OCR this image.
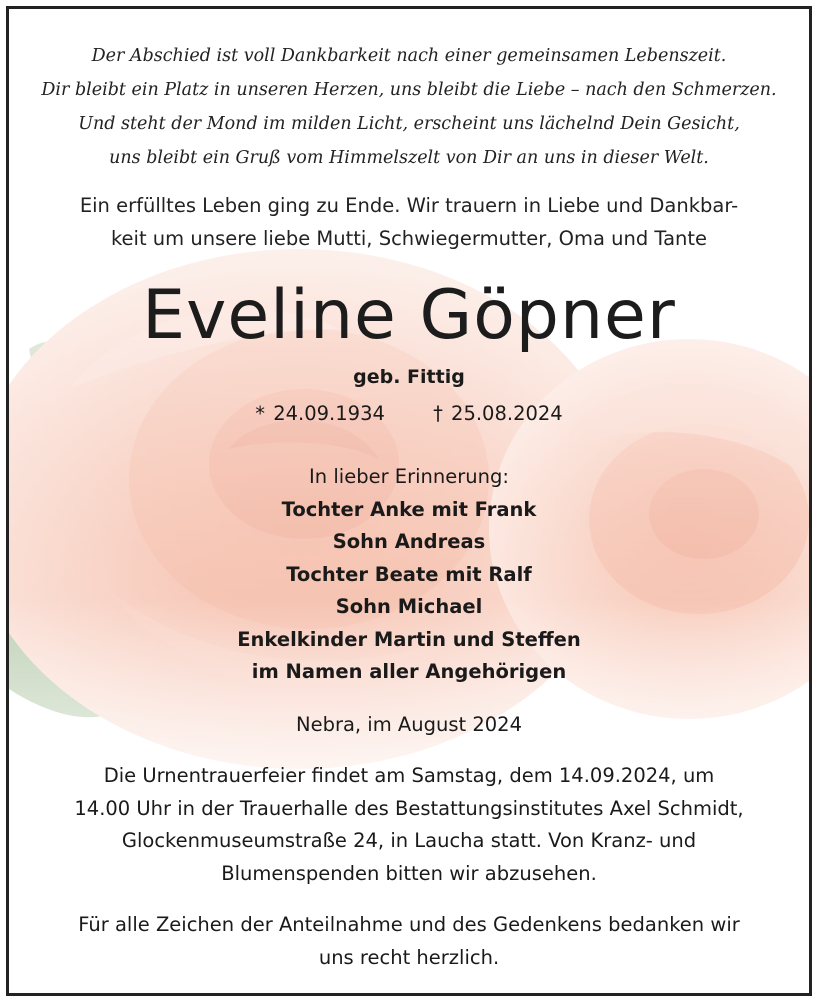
Der Abschied ist voll Dankbarkeit nach einer gemeinsamen Lebenszeit.
Dir bleibt ein Platz in unseren Herzen, uns bleibt die Liebe – nach den Schmerzen.
Und steht der Mond im milden Licht, erscheint uns lächelnd Dein Gesicht,
uns bleibt ein Gruß vom Himmelszelt von Dir an uns in dieser Welt.
Ein erfülltes Leben ging zu Ende. Wir trauern in Liebe und Dankbar-
keit um unsere liebe Mutti, Schwiegermutter, Oma und Tante
Eveline Göpner
geb. Fittig
* 24.09.1934 † 25.08.2024
In lieber Erinnerung:
Tochter Anke mit Frank
Sohn Andreas
Tochter Beate mit Ralf
Sohn Michael
Enkelkinder Martin und Steffen
im Namen aller Angehörigen
Nebra, im August 2024
Die Urnentrauerfeier findet am Samstag, dem 14.09.2024, um
14.00 Uhr in der Trauerhalle des Bestattungsinstitutes Axel Schmidt,
Glockenmuseumstraße 24, in Laucha statt. Von Kranz- und
Blumenspenden bitten wir abzusehen.
Für alle Zeichen der Anteilnahme und des Gedenkens bedanken wir
uns recht herzlich.
